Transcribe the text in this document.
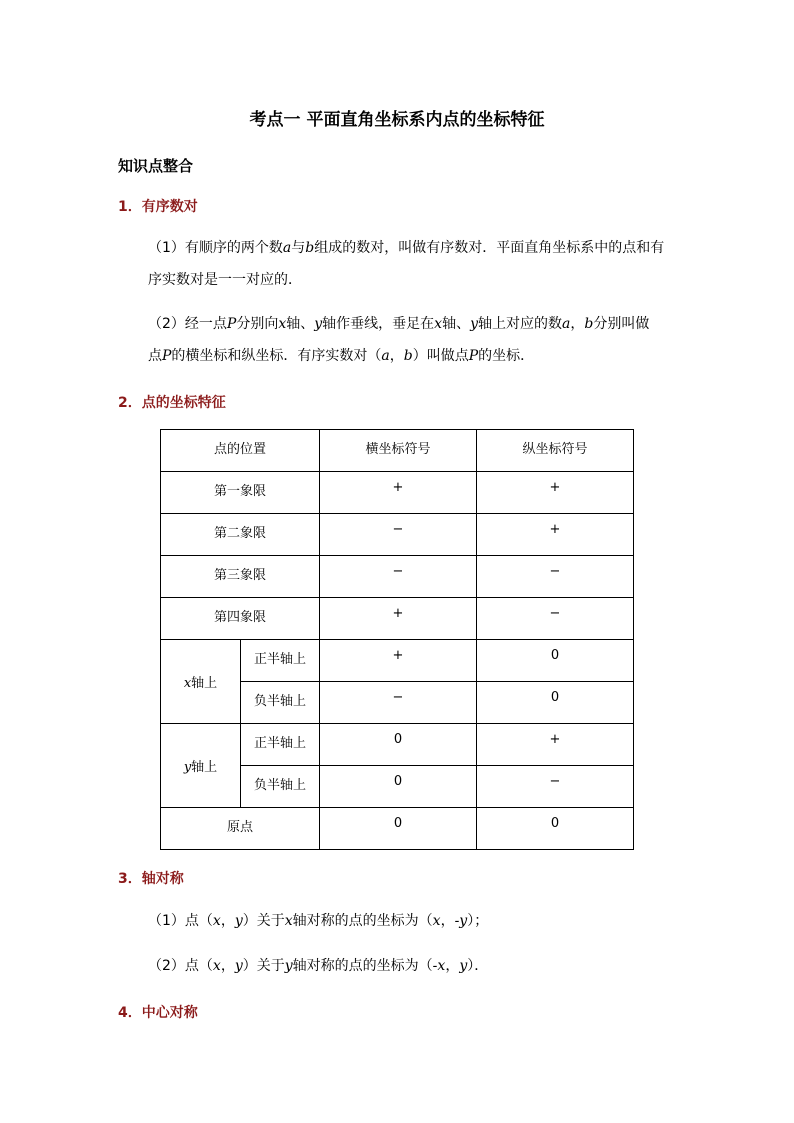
考点一 平面直角坐标系内点的坐标特征
知识点整合
1．有序数对
（1）有顺序的两个数a与b组成的数对，叫做有序数对．平面直角坐标系中的点和有
序实数对是一一对应的．
（2）经一点P分别向x轴、y轴作垂线，垂足在x轴、y轴上对应的数a，b分别叫做
点P的横坐标和纵坐标．有序实数对（a，b）叫做点P的坐标．
2．点的坐标特征
点的位置		横坐标符号	纵坐标符号
第一象限		+	+
第二象限		−	+
第三象限		−	−
第四象限		+	−
x轴上	正半轴上	+	0
	负半轴上	−	0
y轴上	正半轴上	0	+
	负半轴上	0	−
原点		0	0
3．轴对称
（1）点（x，y）关于x轴对称的点的坐标为（x，-y）；
（2）点（x，y）关于y轴对称的点的坐标为（-x，y）．
4．中心对称
